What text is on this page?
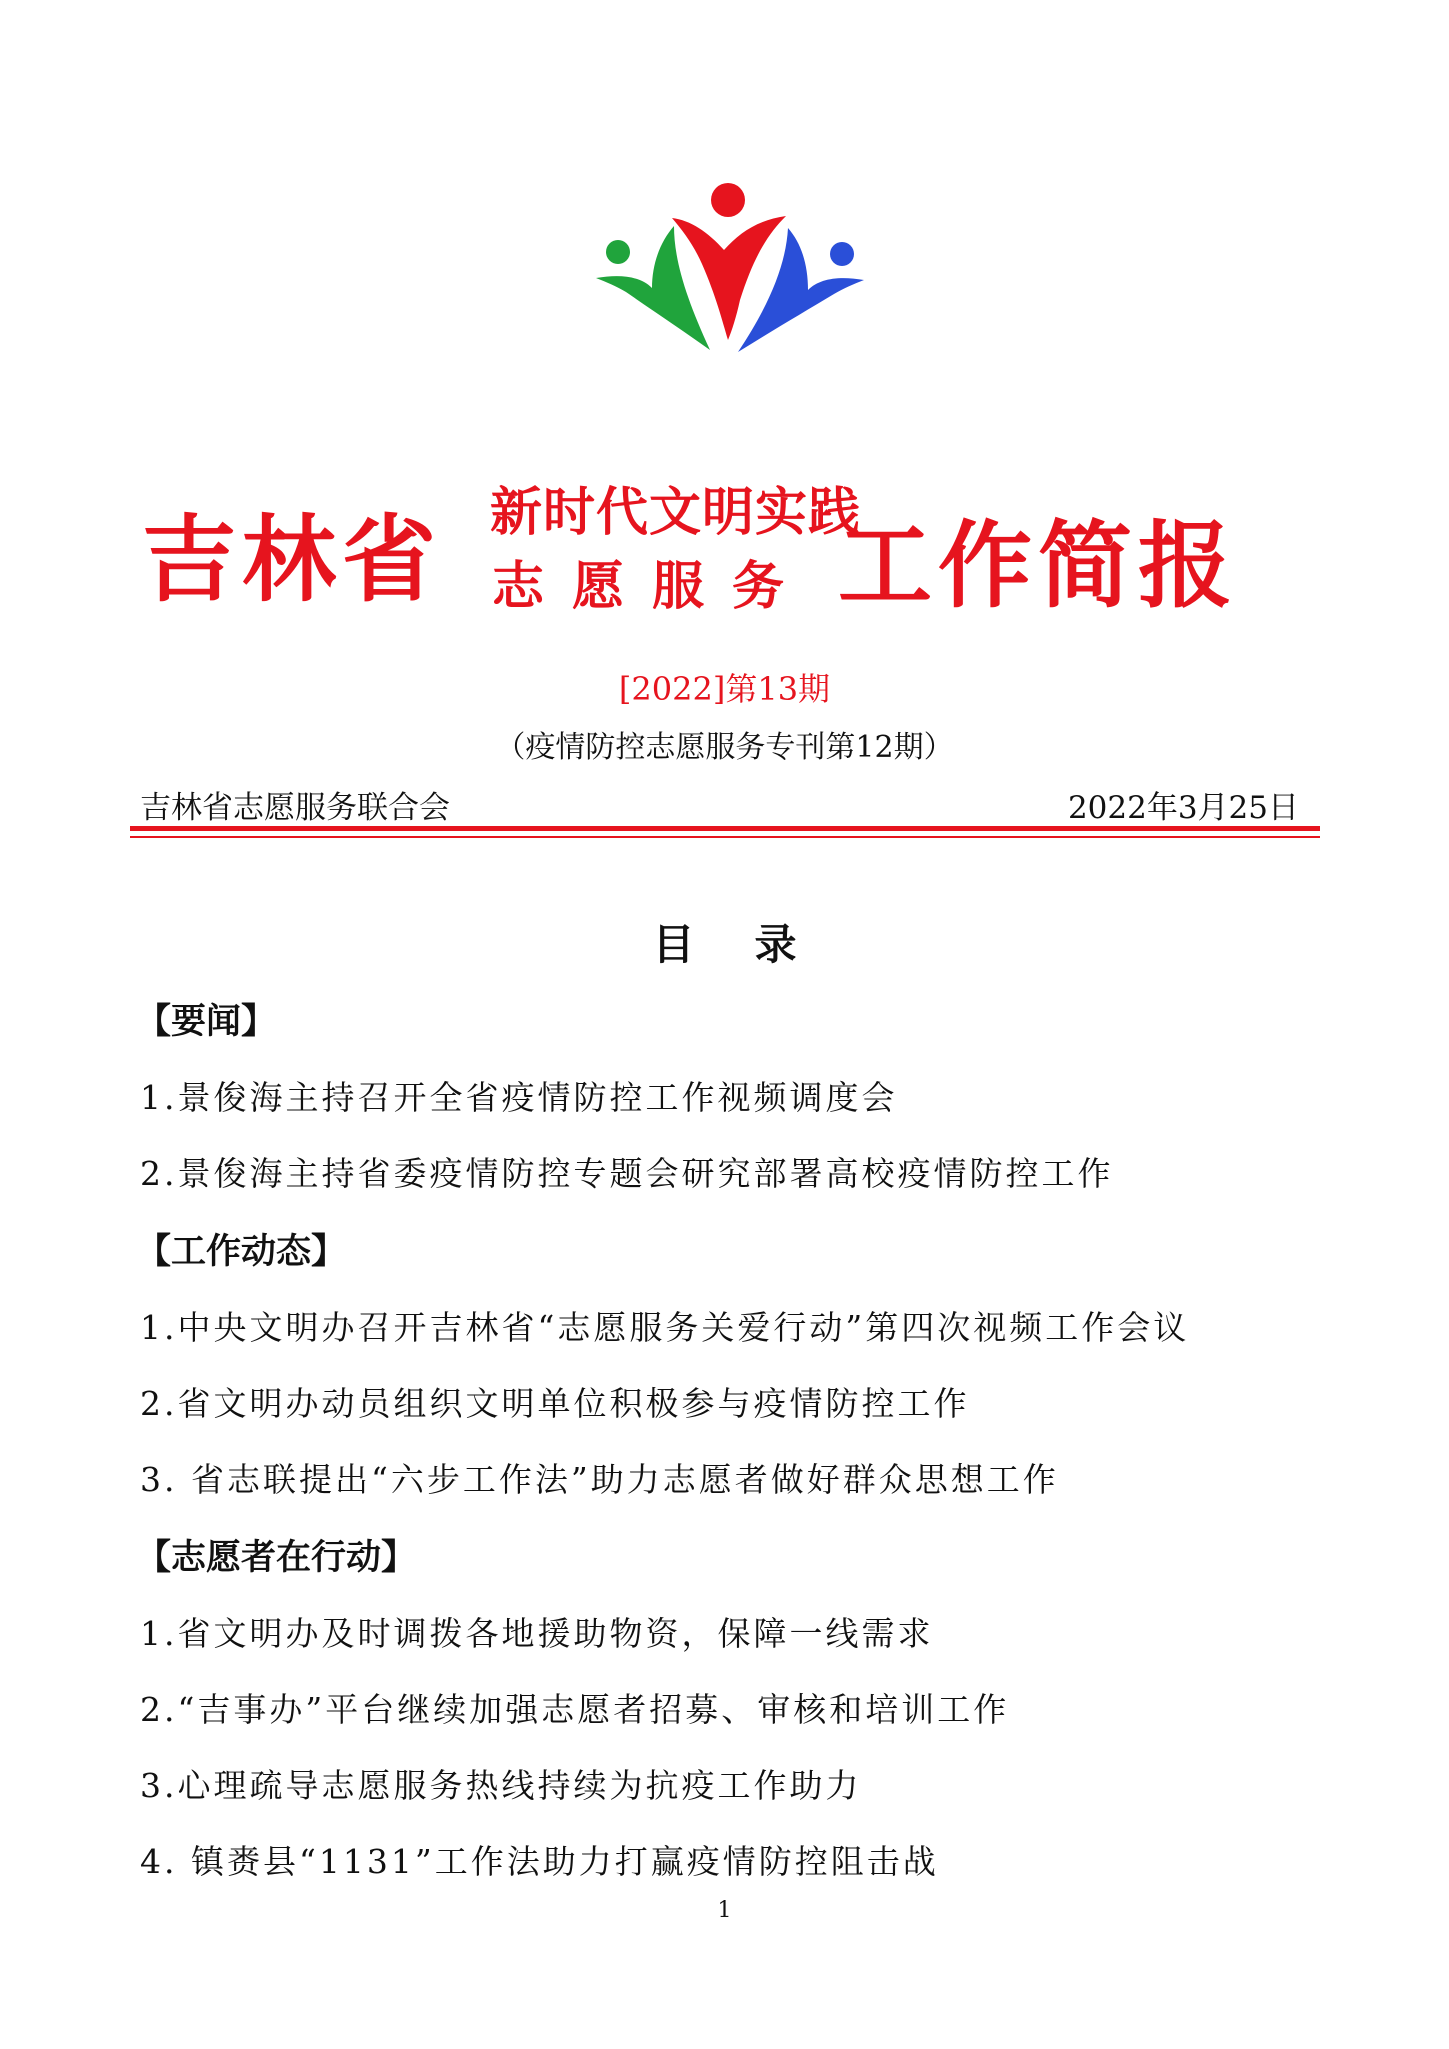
吉林省 新时代文明实践
志愿服务 工作简报
[2022]第13期
（疫情防控志愿服务专刊第12期）
吉林省志愿服务联合会	2022年3月25日
目录
【要闻】
1.景俊海主持召开全省疫情防控工作视频调度会
2.景俊海主持省委疫情防控专题会研究部署高校疫情防控工作
【工作动态】
1.中央文明办召开吉林省“志愿服务关爱行动”第四次视频工作会议
2.省文明办动员组织文明单位积极参与疫情防控工作
3. 省志联提出“六步工作法”助力志愿者做好群众思想工作
【志愿者在行动】
1.省文明办及时调拨各地援助物资，保障一线需求
2.“吉事办”平台继续加强志愿者招募、审核和培训工作
3.心理疏导志愿服务热线持续为抗疫工作助力
4. 镇赉县“1131”工作法助力打赢疫情防控阻击战
1
